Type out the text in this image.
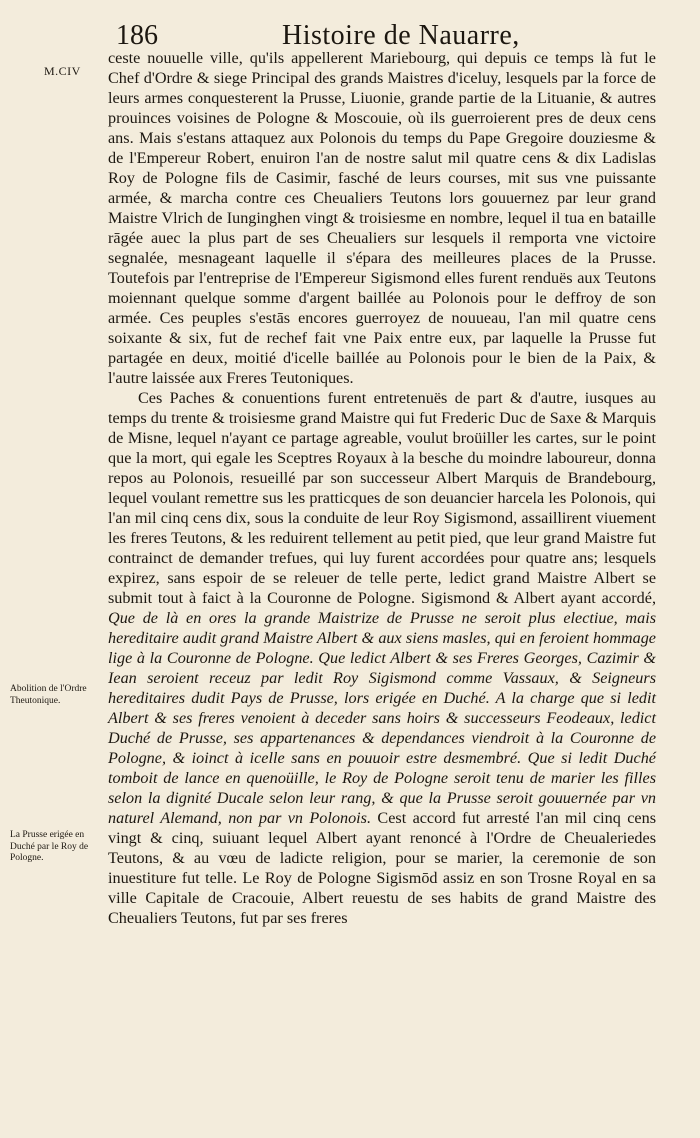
186	Histoire de Nauarre,
M.CIV
Abolition de l'Ordre Theutonique.
La Prusse erigée en Duché par le Roy de Pologne.

ceste nouuelle ville, qu'ils appellerent Mariebourg, qui depuis ce temps là fut le Chef d'Ordre & siege Principal des grands Maistres d'iceluy, lesquels par la force de leurs armes conquesterent la Prusse, Liuonie, grande partie de la Lituanie, & autres prouinces voisines de Pologne & Moscouie, où ils guerroierent pres de deux cens ans. Mais s'estans attaquez aux Polonois du temps du Pape Gregoire douziesme & de l'Empereur Robert, enuiron l'an de nostre salut mil quatre cens & dix Ladislas Roy de Pologne fils de Casimir, fasché de leurs courses, mit sus vne puissante armée, & marcha contre ces Cheualiers Teutons lors gouuernez par leur grand Maistre Vlrich de Iunginghen vingt & troisiesme en nombre, lequel il tua en bataille rāgée auec la plus part de ses Cheualiers sur lesquels il remporta vne victoire segnalée, mesnageant laquelle il s'épara des meilleures places de la Prusse. Toutefois par l'entreprise de l'Empereur Sigismond elles furent renduës aux Teutons moiennant quelque somme d'argent baillée au Polonois pour le deffroy de son armée. Ces peuples s'estās encores guerroyez de nouueau, l'an mil quatre cens soixante & six, fut de rechef fait vne Paix entre eux, par laquelle la Prusse fut partagée en deux, moitié d'icelle baillée au Polonois pour le bien de la Paix, & l'autre laissée aux Freres Teutoniques.

Ces Paches & conuentions furent entretenuës de part & d'autre, iusques au temps du trente & troisiesme grand Maistre qui fut Frederic Duc de Saxe & Marquis de Misne, lequel n'ayant ce partage agreable, voulut broüiller les cartes, sur le point que la mort, qui egale les Sceptres Royaux à la besche du moindre laboureur, donna repos au Polonois, resueillé par son successeur Albert Marquis de Brandebourg, lequel voulant remettre sus les pratticques de son deuancier harcela les Polonois, qui l'an mil cinq cens dix, sous la conduite de leur Roy Sigismond, assaillirent viuement les freres Teutons, & les reduirent tellement au petit pied, que leur grand Maistre fut contrainct de demander trefues, qui luy furent accordées pour quatre ans; lesquels expirez, sans espoir de se releuer de telle perte, ledict grand Maistre Albert se submit tout à faict à la Couronne de Pologne. Sigismond & Albert ayant accordé, Que de là en ores la grande Maistrize de Prusse ne seroit plus electiue, mais hereditaire audit grand Maistre Albert & aux siens masles, qui en feroient hommage lige à la Couronne de Pologne. Que ledict Albert & ses Freres Georges, Cazimir & Iean seroient receuz par ledit Roy Sigismond comme Vassaux, & Seigneurs hereditaires dudit Pays de Prusse, lors erigée en Duché. A la charge que si ledit Albert & ses freres venoient à deceder sans hoirs & successeurs Feodeaux, ledict Duché de Prusse, ses appartenances & dependances viendroit à la Couronne de Pologne, & ioinct à icelle sans en pouuoir estre desmembré. Que si ledit Duché tomboit de lance en quenoüille, le Roy de Pologne seroit tenu de marier les filles selon la dignité Ducale selon leur rang, & que la Prusse seroit gouuernée par vn naturel Alemand, non par vn Polonois. Cest accord fut arresté l'an mil cinq cens vingt & cinq, suiuant lequel Albert ayant renoncé à l'Ordre de Cheualeriedes Teutons, & au vœu de ladicte religion, pour se marier, la ceremonie de son inuestiture fut telle. Le Roy de Pologne Sigismōd assiz en son Trosne Royal en sa ville Capitale de Cracouie, Albert reuestu de ses habits de grand Maistre des Cheualiers Teutons, fut par ses freres
